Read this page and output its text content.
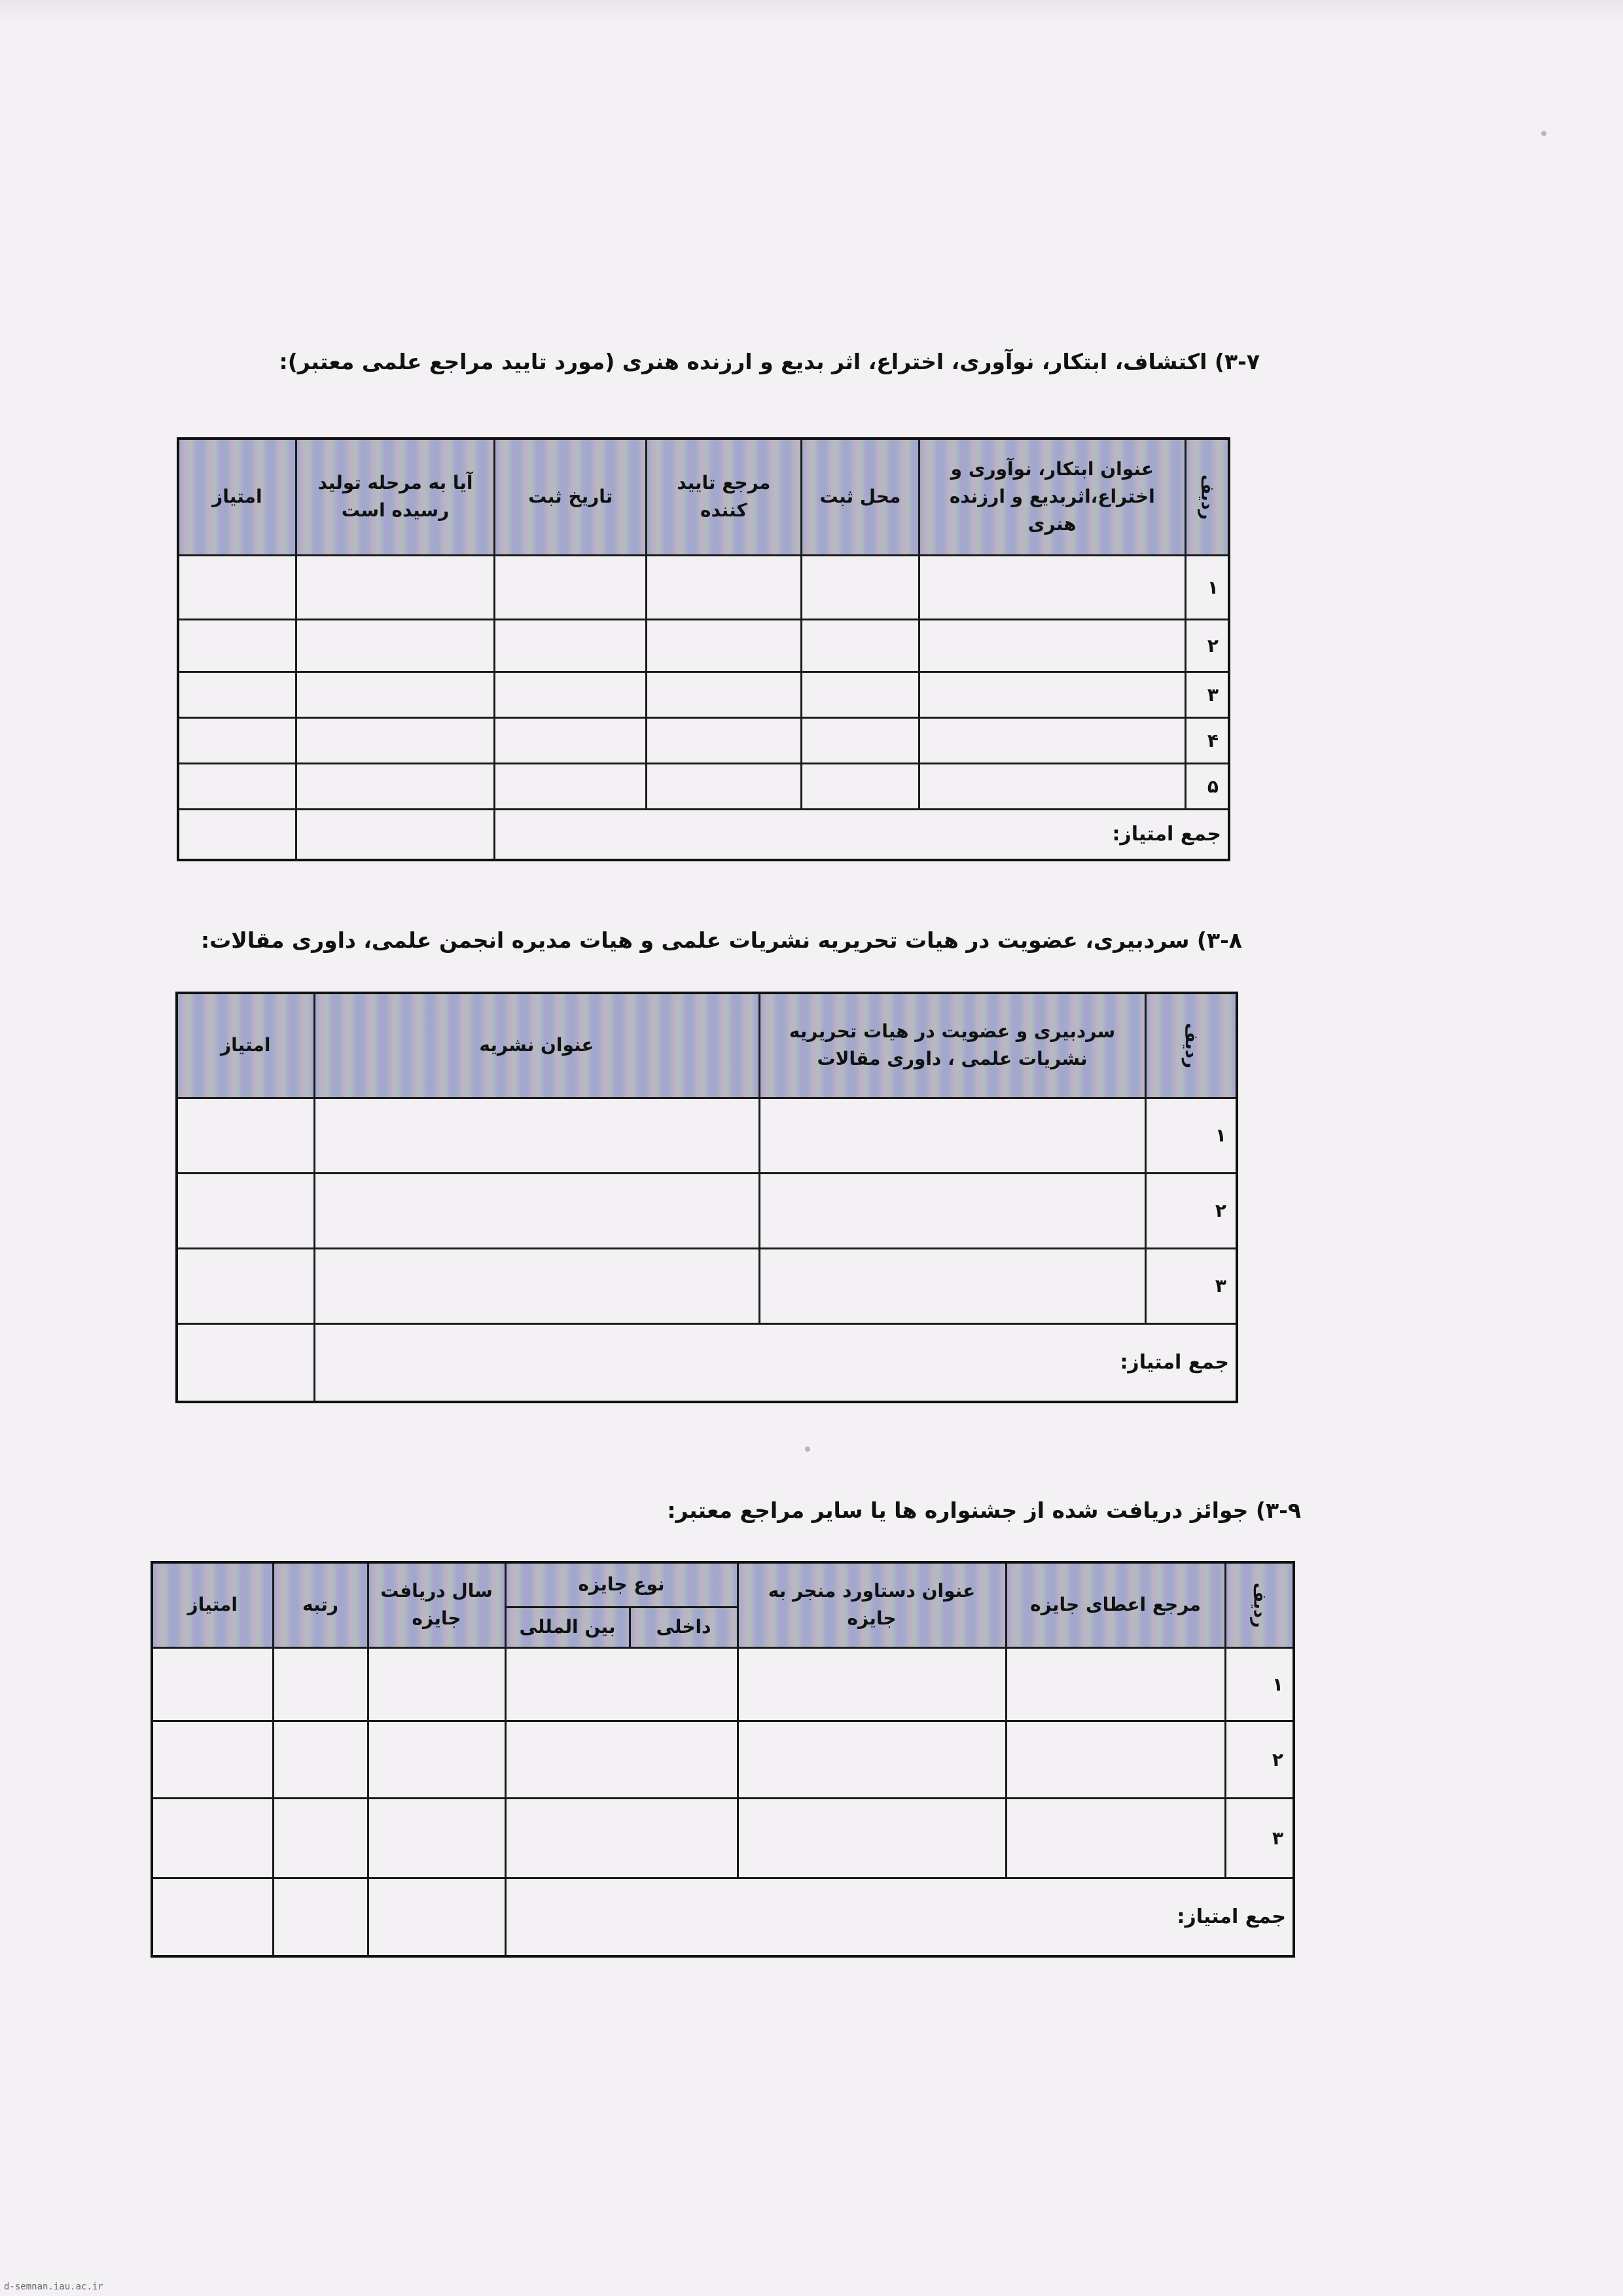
۳-۷) اکتشاف، ابتکار، نوآوری، اختراع، اثر بدیع و ارزنده هنری (مورد تایید مراجع علمی معتبر):
ردیف	عنوان ابتکار، نوآوری و اختراع،اثربدیع و ارزنده هنری	محل ثبت	مرجع تایید کننده	تاریخ ثبت	آیا به مرحله تولید رسیده است	امتیاز
۱						
۲						
۳						
۴						
۵						
جمع امتیاز:						
۳-۸) سردبیری، عضویت در هیات تحریریه نشریات علمی و هیات مدیره انجمن علمی، داوری مقالات:
ردیف	سردبیری و عضویت در هیات تحریریه نشریات علمی ، داوری مقالات	عنوان نشریه	امتیاز
۱			
۲			
۳			
جمع امتیاز:			
۳-۹) جوائز دریافت شده از جشنواره ها یا سایر مراجع معتبر:
ردیف	مرجع اعطای جایزه	عنوان دستاورد منجر به جایزه	نوع جایزه		سال دریافت جایزه	رتبه	امتیاز
			داخلی	بین المللی			
۱							
۲							
۳							
جمع امتیاز:							
d-semnan.iau.ac.ir
